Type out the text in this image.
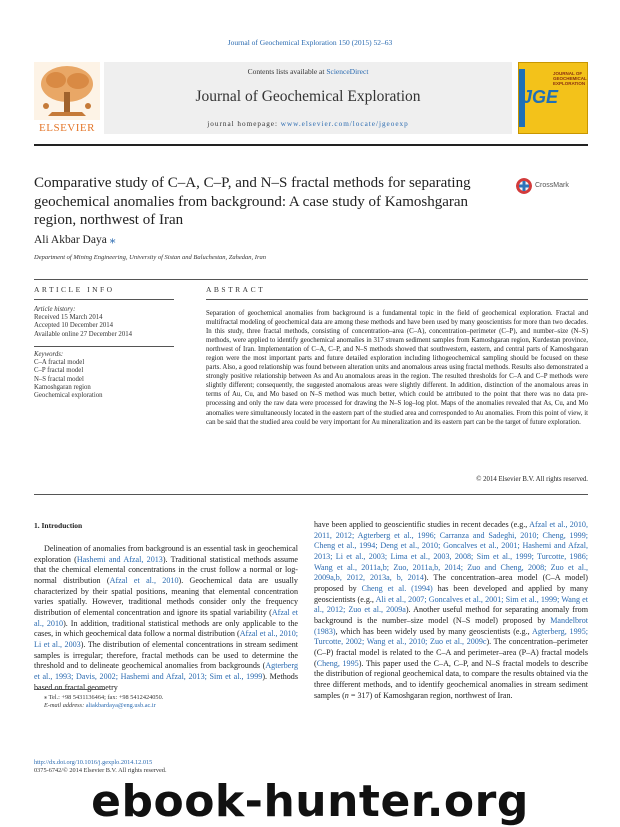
Journal of Geochemical Exploration 150 (2015) 52–63
ELSEVIER
Contents lists available at ScienceDirect
Journal of Geochemical Exploration
journal homepage: www.elsevier.com/locate/jgeoexp
JGE
JOURNAL OF GEOCHEMICAL EXPLORATION
Comparative study of C–A, C–P, and N–S fractal methods for separating geochemical anomalies from background: A case study of Kamoshgaran region, northwest of Iran
CrossMark
Ali Akbar Daya ⁎
Department of Mining Engineering, University of Sistan and Baluchestan, Zahedan, Iran
ARTICLE INFO	ABSTRACT
Article history:
Received 15 March 2014
Accepted 10 December 2014
Available online 27 December 2014
Keywords:
C–A fractal model
C–P fractal model
N–S fractal model
Kamoshgaran region
Geochemical exploration
Separation of geochemical anomalies from background is a fundamental topic in the field of geochemical exploration. Fractal and multifractal modeling of geochemical data are among these methods and have been used by many geoscientists for more than two decades. In this study, three fractal methods, consisting of concentration–area (C–A), concentration–perimeter (C–P), and number–size (N–S) methods, were applied to identify geochemical anomalies in 317 stream sediment samples from Kamoshgaran region, Kurdestan province, northwest of Iran. Implementation of C–A, C–P, and N–S methods showed that southwestern, eastern, and central parts of Kamoshgaran region were the most important parts and future detailed exploration including lithogeochemical sampling should be focused on these parts. Also, a good relationship was found between alteration units and anomalous areas using fractal methods. Results also demonstrated a strongly positive relationship between As and Au anomalous areas in the region. The resulted thresholds for C–A and C–P methods were slightly different; consequently, the suggested anomalous areas were slightly different. In addition, distinction of the anomalous areas in terms of Au, Cu, and Mo based on N–S method was much better, which could be attributed to the point that there was no data pre-processing and only the raw data were processed for drawing the N–S log–log plot. Maps of the anomalies revealed that As, Cu, and Mo anomalies were simultaneously located in the eastern part of the studied area and corresponded to Au anomalies. From this point of view, it can be said that the studied area could be very important for Au mineralization and its eastern part can be the target of future exploration.
© 2014 Elsevier B.V. All rights reserved.
1. Introduction
Delineation of anomalies from background is an essential task in geochemical exploration (Hashemi and Afzal, 2013). Traditional statistical methods assume that the chemical elemental concentrations in the crust follow a normal or log-normal distribution (Afzal et al., 2010). Geochemical data are usually characterized by their spatial positions, meaning that elemental concentration varies spatially. However, traditional methods consider only the frequency distribution of elemental concentration and ignore its spatial variability (Afzal et al., 2010). In addition, traditional statistical methods are only applicable to the cases, in which geochemical data follow a normal distribution (Afzal et al., 2010; Li et al., 2003). The distribution of elemental concentrations in stream sediment samples is irregular; therefore, fractal methods can be used to determine the threshold and to delineate geochemical anomalies from backgrounds (Agterberg et al., 1993; Davis, 2002; Hashemi and Afzal, 2013; Sim et al., 1999). Methods based on fractal geometry
have been applied to geoscientific studies in recent decades (e.g., Afzal et al., 2010, 2011, 2012; Agterberg et al., 1996; Carranza and Sadeghi, 2010; Cheng, 1999; Cheng et al., 1994; Deng et al., 2010; Goncalves et al., 2001; Hashemi and Afzal, 2013; Li et al., 2003; Lima et al., 2003, 2008; Sim et al., 1999; Turcotte, 1986; Wang et al., 2011a,b; Zuo, 2011a,b, 2014; Zuo and Cheng, 2008; Zuo et al., 2009a,b, 2012, 2013a, b, 2014). The concentration–area model (C–A model) proposed by Cheng et al. (1994) has been developed and applied by many geoscientists (e.g., Ali et al., 2007; Goncalves et al., 2001; Sim et al., 1999; Wang et al., 2012; Zuo et al., 2009a). Another useful method for separating anomaly from background is the number–size model (N–S model) proposed by Mandelbrot (1983), which has been widely used by many geoscientists (e.g., Agterberg, 1995; Turcotte, 2002; Wang et al., 2010; Zuo et al., 2009c). The concentration–perimeter (C–P) fractal model is related to the C–A and perimeter–area (P–A) fractal models (Cheng, 1995). This paper used the C–A, C–P, and N–S fractal models to describe the distribution of regional geochemical data, to compare the results obtained via the three different methods, and to identify geochemical anomalies in stream sediment samples (n = 317) of Kamoshgaran region, northwest of Iran.
⁎ Tel.: +98 5431136464; fax: +98 5412424050.
E-mail address: aliakbardaya@eng.usb.ac.ir
http://dx.doi.org/10.1016/j.gexplo.2014.12.015
0375-6742/© 2014 Elsevier B.V. All rights reserved.
ebook-hunter.org
